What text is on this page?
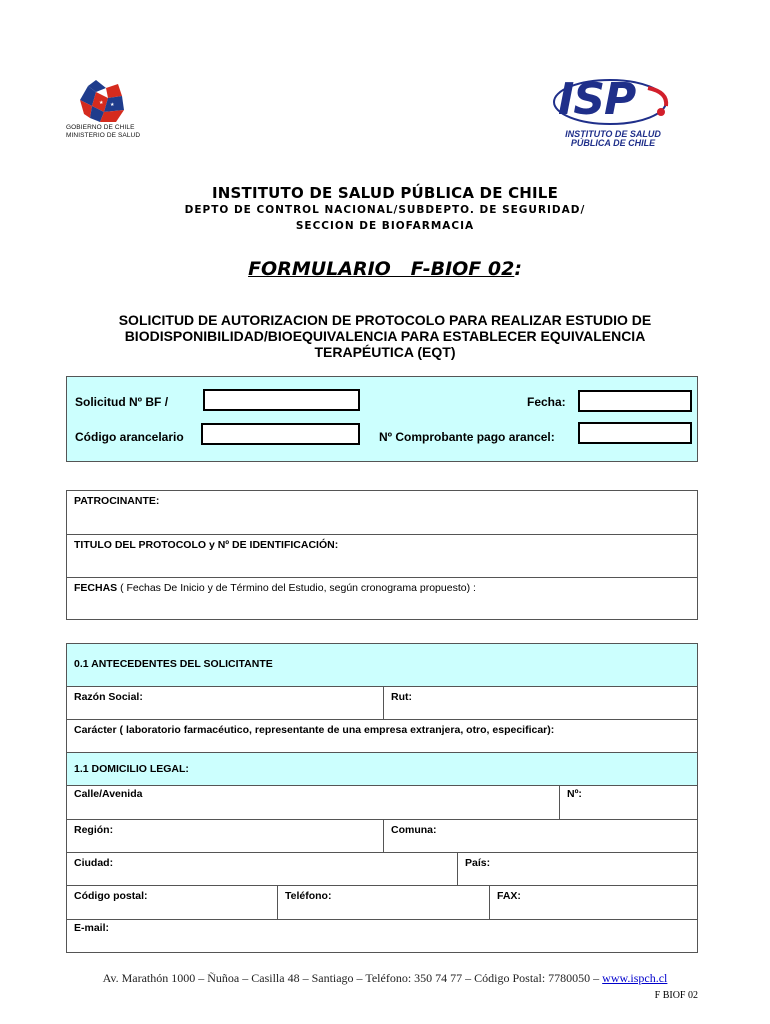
★ ★
GOBIERNO DE CHILE
MINISTERIO DE SALUD
ISP
INSTITUTO DE SALUD
PÚBLICA DE CHILE
INSTITUTO DE SALUD PÚBLICA DE CHILE
DEPTO DE CONTROL NACIONAL/SUBDEPTO. DE SEGURIDAD/
SECCION DE BIOFARMACIA
FORMULARIO   F-BIOF 02:
SOLICITUD DE AUTORIZACION DE PROTOCOLO PARA REALIZAR ESTUDIO DE
BIODISPONIBILIDAD/BIOEQUIVALENCIA PARA ESTABLECER EQUIVALENCIA
TERAPÉUTICA (EQT)
Solicitud Nº BF /	Fecha:
Código arancelario	Nº Comprobante pago arancel:
PATROCINANTE:
TITULO DEL PROTOCOLO y Nº DE IDENTIFICACIÓN:
FECHAS ( Fechas De Inicio y de Término del Estudio, según cronograma propuesto) :
0.1 ANTECEDENTES DEL SOLICITANTE
Razón Social:	Rut:
Carácter ( laboratorio farmacéutico, representante de una empresa extranjera, otro, especificar):
1.1 DOMICILIO LEGAL:
Calle/Avenida	Nº:
Región:	Comuna:
Ciudad:	País:
Código postal:	Teléfono:	FAX:
E-mail:
Av. Marathón 1000 – Ñuñoa – Casilla 48 – Santiago – Teléfono: 350 74 77 – Código Postal: 7780050 – www.ispch.cl
F BIOF 02
